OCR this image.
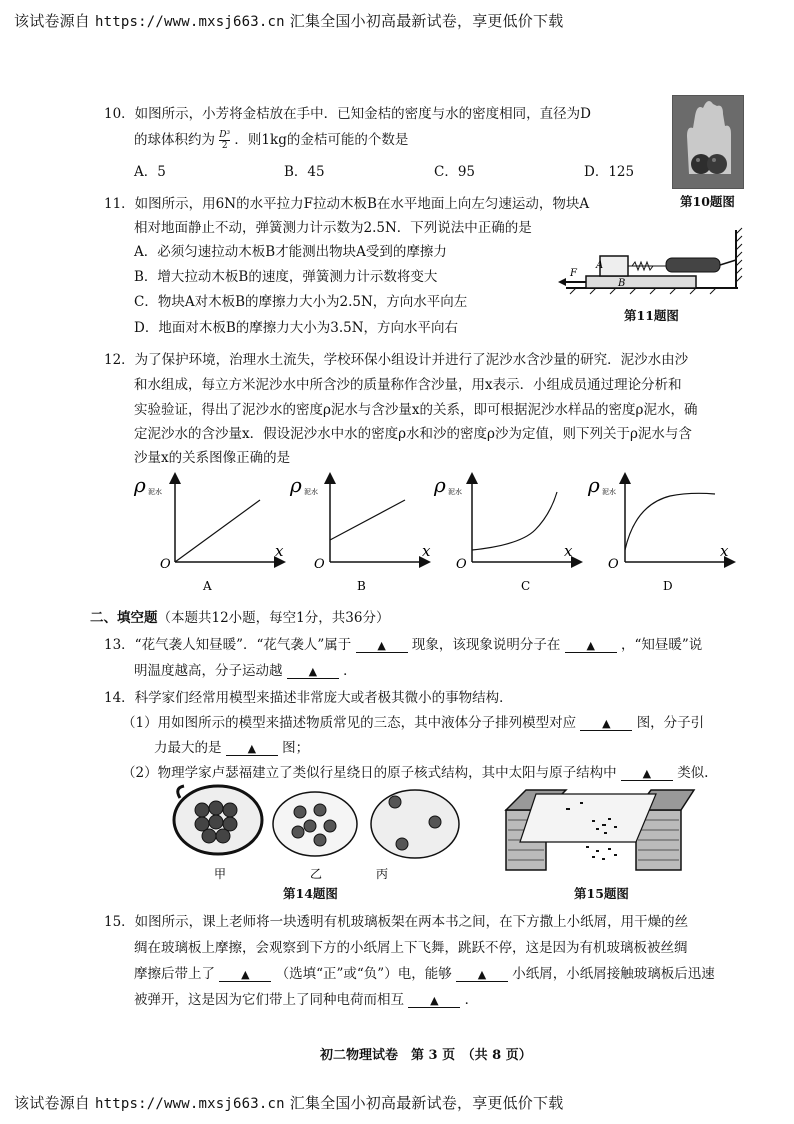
该试卷源自 https://www.mxsj663.cn 汇集全国小初高最新试卷，享更低价下载
10．如图所示，小芳将金桔放在手中．已知金桔的密度与水的密度相同，直径为D
的球体积约为 $\frac{\text{D³}}{2}$ ．则1kg的金桔可能的个数是
A．5	B．45	C．95	D．125
第10题图
11．如图所示，用6N的水平拉力F拉动木板B在水平地面上向左匀速运动，物块A
相对地面静止不动，弹簧测力计示数为2.5N．下列说法中正确的是
A．必须匀速拉动木板B才能测出物块A受到的摩擦力
B．增大拉动木板B的速度，弹簧测力计示数将变大
C．物块A对木板B的摩擦力大小为2.5N，方向水平向左
D．地面对木板B的摩擦力大小为3.5N，方向水平向右
A
F
B
第11题图
12．为了保护环境，治理水土流失，学校环保小组设计并进行了泥沙水含沙量的研究．泥沙水由沙
和水组成，每立方米泥沙水中所含沙的质量称作含沙量，用x表示．小组成员通过理论分析和
实验验证，得出了泥沙水的密度ρ泥水与含沙量x的关系，即可根据泥沙水样品的密度ρ泥水，确
定泥沙水的含沙量x．假设泥沙水中水的密度ρ水和沙的密度ρ沙为定值，则下列关于ρ泥水与含
沙量x的关系图像正确的是
ρ 泥水
x
O
A
ρ 泥水
x
O
B
ρ 泥水
x
O
C
ρ 泥水
x
O
D
二、填空题（本题共12小题，每空1分，共36分）
13．“花气袭人知昼暖”．“花气袭人”属于 ▲ 现象，该现象说明分子在 ▲ ，“知昼暖”说
明温度越高，分子运动越 ▲ ．
14．科学家们经常用模型来描述非常庞大或者极其微小的事物结构．
（1）用如图所示的模型来描述物质常见的三态，其中液体分子排列模型对应 ▲ 图，分子引
力最大的是 ▲ 图；
（2）物理学家卢瑟福建立了类似行星绕日的原子核式结构，其中太阳与原子结构中 ▲ 类似.
甲	乙	丙
第14题图	第15题图
15．如图所示，课上老师将一块透明有机玻璃板架在两本书之间，在下方撒上小纸屑，用干燥的丝
绸在玻璃板上摩擦，会观察到下方的小纸屑上下飞舞，跳跃不停，这是因为有机玻璃板被丝绸
摩擦后带上了 ▲ （选填“正”或“负”）电，能够 ▲ 小纸屑，小纸屑接触玻璃板后迅速
被弹开，这是因为它们带上了同种电荷而相互 ▲ ．
初二物理试卷　第 3 页　（共 8 页）
该试卷源自 https://www.mxsj663.cn 汇集全国小初高最新试卷，享更低价下载
